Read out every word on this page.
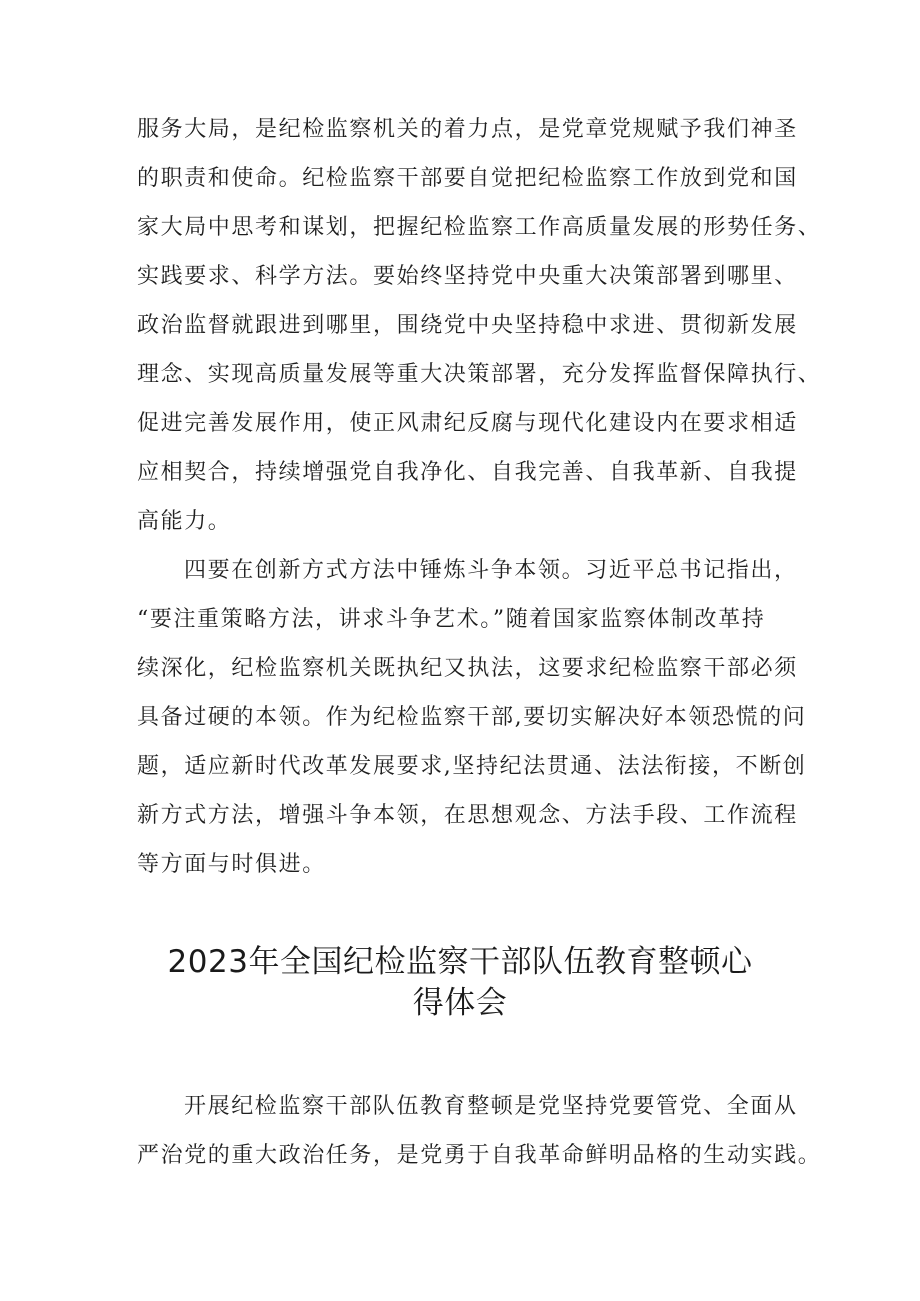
服务大局，是纪检监察机关的着力点，是党章党规赋予我们神圣
的职责和使命。纪检监察干部要自觉把纪检监察工作放到党和国
家大局中思考和谋划，把握纪检监察工作高质量发展的形势任务、
实践要求、科学方法。要始终坚持党中央重大决策部署到哪里、
政治监督就跟进到哪里，围绕党中央坚持稳中求进、贯彻新发展
理念、实现高质量发展等重大决策部署，充分发挥监督保障执行、
促进完善发展作用，使正风肃纪反腐与现代化建设内在要求相适
应相契合，持续增强党自我净化、自我完善、自我革新、自我提
高能力。
四要在创新方式方法中锤炼斗争本领。习近平总书记指出，
“要注重策略方法，讲求斗争艺术。”随着国家监察体制改革持
续深化，纪检监察机关既执纪又执法，这要求纪检监察干部必须
具备过硬的本领。作为纪检监察干部,要切实解决好本领恐慌的问
题，适应新时代改革发展要求,坚持纪法贯通、法法衔接，不断创
新方式方法，增强斗争本领，在思想观念、方法手段、工作流程
等方面与时俱进。
2023年全国纪检监察干部队伍教育整顿心
得体会
开展纪检监察干部队伍教育整顿是党坚持党要管党、全面从
严治党的重大政治任务，是党勇于自我革命鲜明品格的生动实践。
